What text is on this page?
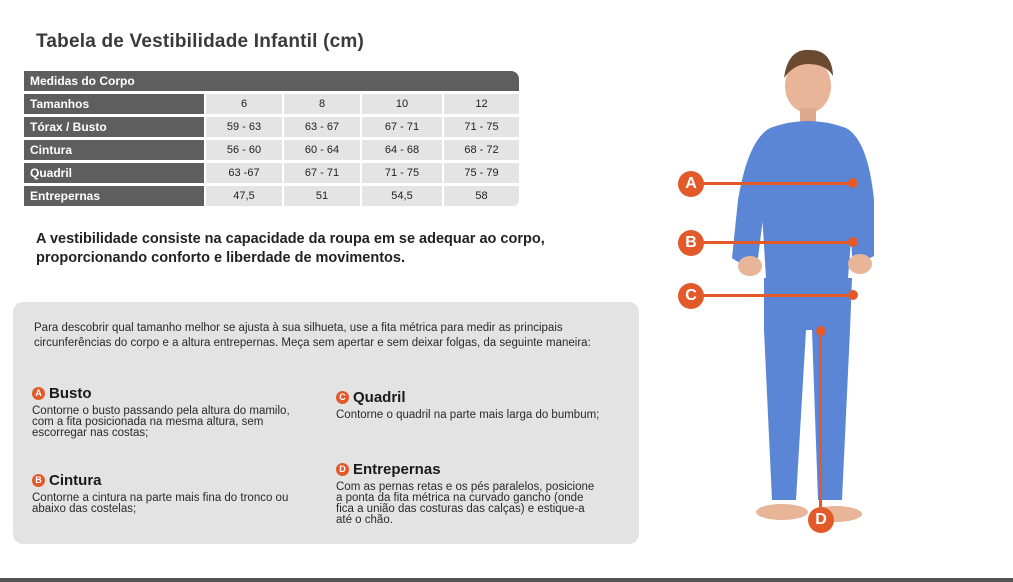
Tabela de Vestibilidade Infantil (cm)
Medidas do Corpo
Tamanhos	6	8	10	12
Tórax / Busto	59 - 63	63 - 67	67 - 71	71 - 75
Cintura	56 - 60	60 - 64	64 - 68	68 - 72
Quadril	63 -67	67 - 71	71 - 75	75 - 79
Entrepernas	47,5	51	54,5	58
A vestibilidade consiste na capacidade da roupa em se adequar ao corpo, proporcionando conforto e liberdade de movimentos.
Para descobrir qual tamanho melhor se ajusta à sua silhueta, use a fita métrica para medir as principais circunferências do corpo e a altura entrepernas. Meça sem apertar e sem deixar folgas, da seguinte maneira:
A Busto
Contorne o busto passando pela altura do mamilo, com a fita posicionada na mesma altura, sem escorregar nas costas;
B Cintura
Contorne a cintura na parte mais fina do tronco ou abaixo das costelas;
C Quadril
Contorne o quadril na parte mais larga do bumbum;
D Entrepernas
Com as pernas retas e os pés paralelos, posicione a ponta da fita métrica na curvado gancho (onde fica a união das costuras das calças) e estique-a até o chão.
A
B
C
D
